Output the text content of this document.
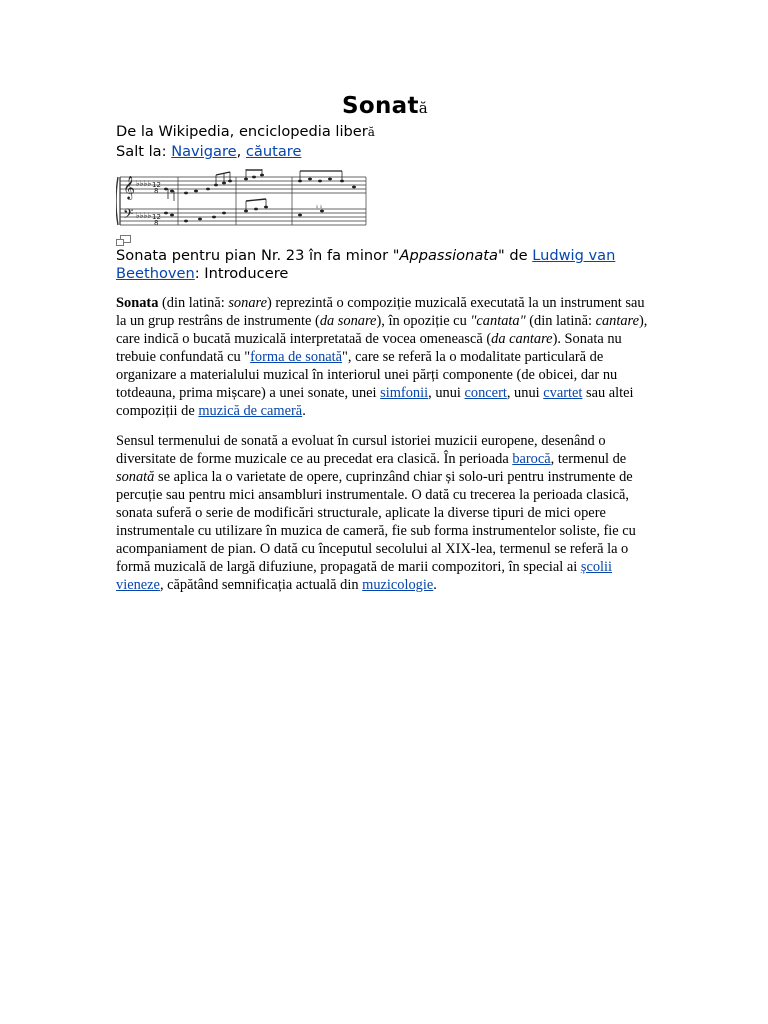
Sonată

De la Wikipedia, enciclopedia liberă

Salt la: Navigare, căutare

𝄞
𝄢
♭♭♭♭
♭♭♭♭
12
8
12
8
♮ ♮

Sonata pentru pian Nr. 23 în fa minor "Appassionata" de Ludwig van Beethoven: Introducere

Sonata (din latină: sonare) reprezintă o compoziție muzicală executată la un instrument sau la un grup restrâns de instrumente (da sonare), în opoziție cu "cantata" (din latină: cantare), care indică o bucată muzicală interpretataă de vocea omenească (da cantare). Sonata nu trebuie confundată cu "forma de sonată", care se referă la o modalitate particulară de organizare a materialului muzical în interiorul unei părți componente (de obicei, dar nu totdeauna, prima mișcare) a unei sonate, unei simfonii, unui concert, unui cvartet sau altei compoziții de muzică de cameră.

Sensul termenului de sonată a evoluat în cursul istoriei muzicii europene, desenând o diversitate de forme muzicale ce au precedat era clasică. În perioada barocă, termenul de sonată se aplica la o varietate de opere, cuprinzând chiar și solo-uri pentru instrumente de percuție sau pentru mici ansambluri instrumentale. O dată cu trecerea la perioada clasică, sonata suferă o serie de modificări structurale, aplicate la diverse tipuri de mici opere instrumentale cu utilizare în muzica de cameră, fie sub forma instrumentelor soliste, fie cu acompaniament de pian. O dată cu începutul secolului al XIX-lea, termenul se referă la o formă muzicală de largă difuziune, propagată de marii compozitori, în special ai școlii vieneze, căpătând semnificația actuală din muzicologie.
